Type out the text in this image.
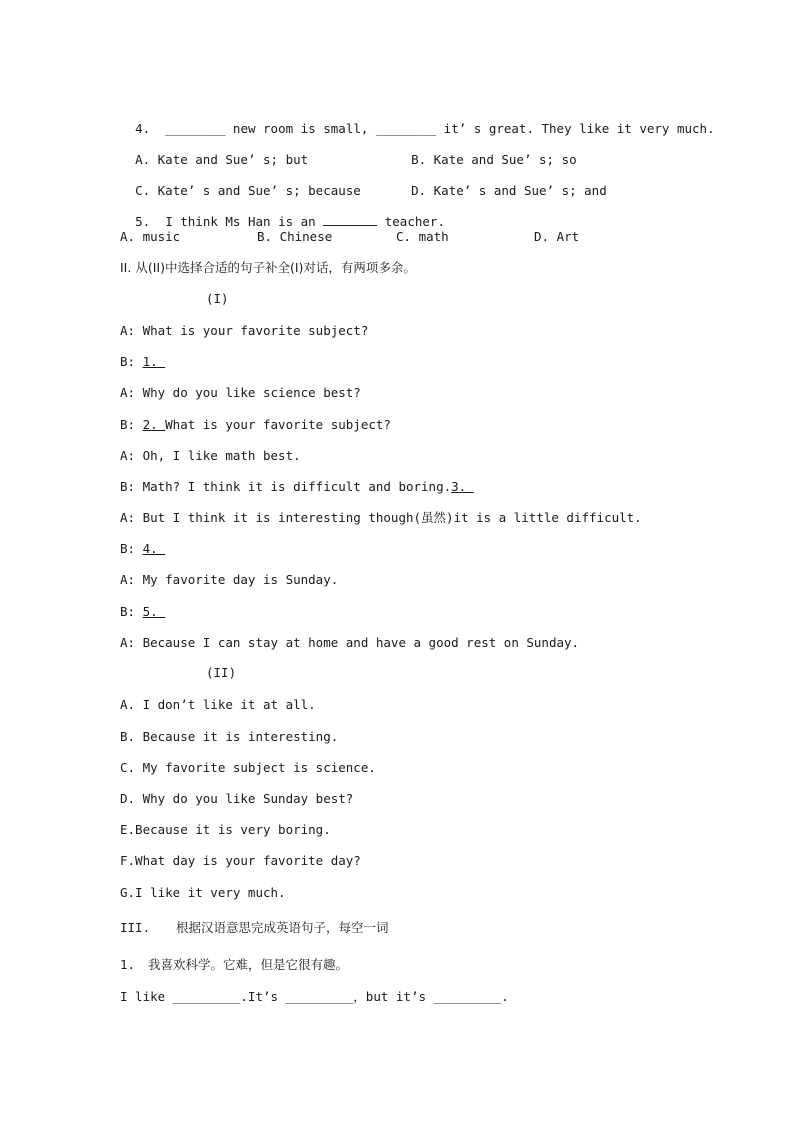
4. ________ new room is small, ________ it’ s great. They like it very much.

A. Kate and Sue’ s; but	B. Kate and Sue’ s; so

C. Kate’ s and Sue’ s; because	D. Kate’ s and Sue’ s; and

5. I think Ms Han is an	teacher.

A. music	B. Chinese	C. math	D. Art
II. 从(II)中选择合适的句子补全(I)对话，有两项多余。
(I)
A: What is your favorite subject?
B: 1.
A: Why do you like science best?
B: 2. What is your favorite subject?
A: Oh, I like math best.
B: Math? I think it is difficult and boring.3.
A: But I think it is interesting though(虽然)it is a little difficult.
B: 4.
A: My favorite day is Sunday.
B: 5.
A: Because I can stay at home and have a good rest on Sunday.
(II)
A. I don’t like it at all.
B. Because it is interesting.
C. My favorite subject is science.
D. Why do you like Sunday best?
E.Because it is very boring.
F.What day is your favorite day?
G.I like it very much.
III. 根据汉语意思完成英语句子，每空一词
1. 我喜欢科学。它难，但是它很有趣。
I like _________.It’s _________，but it’s _________.
